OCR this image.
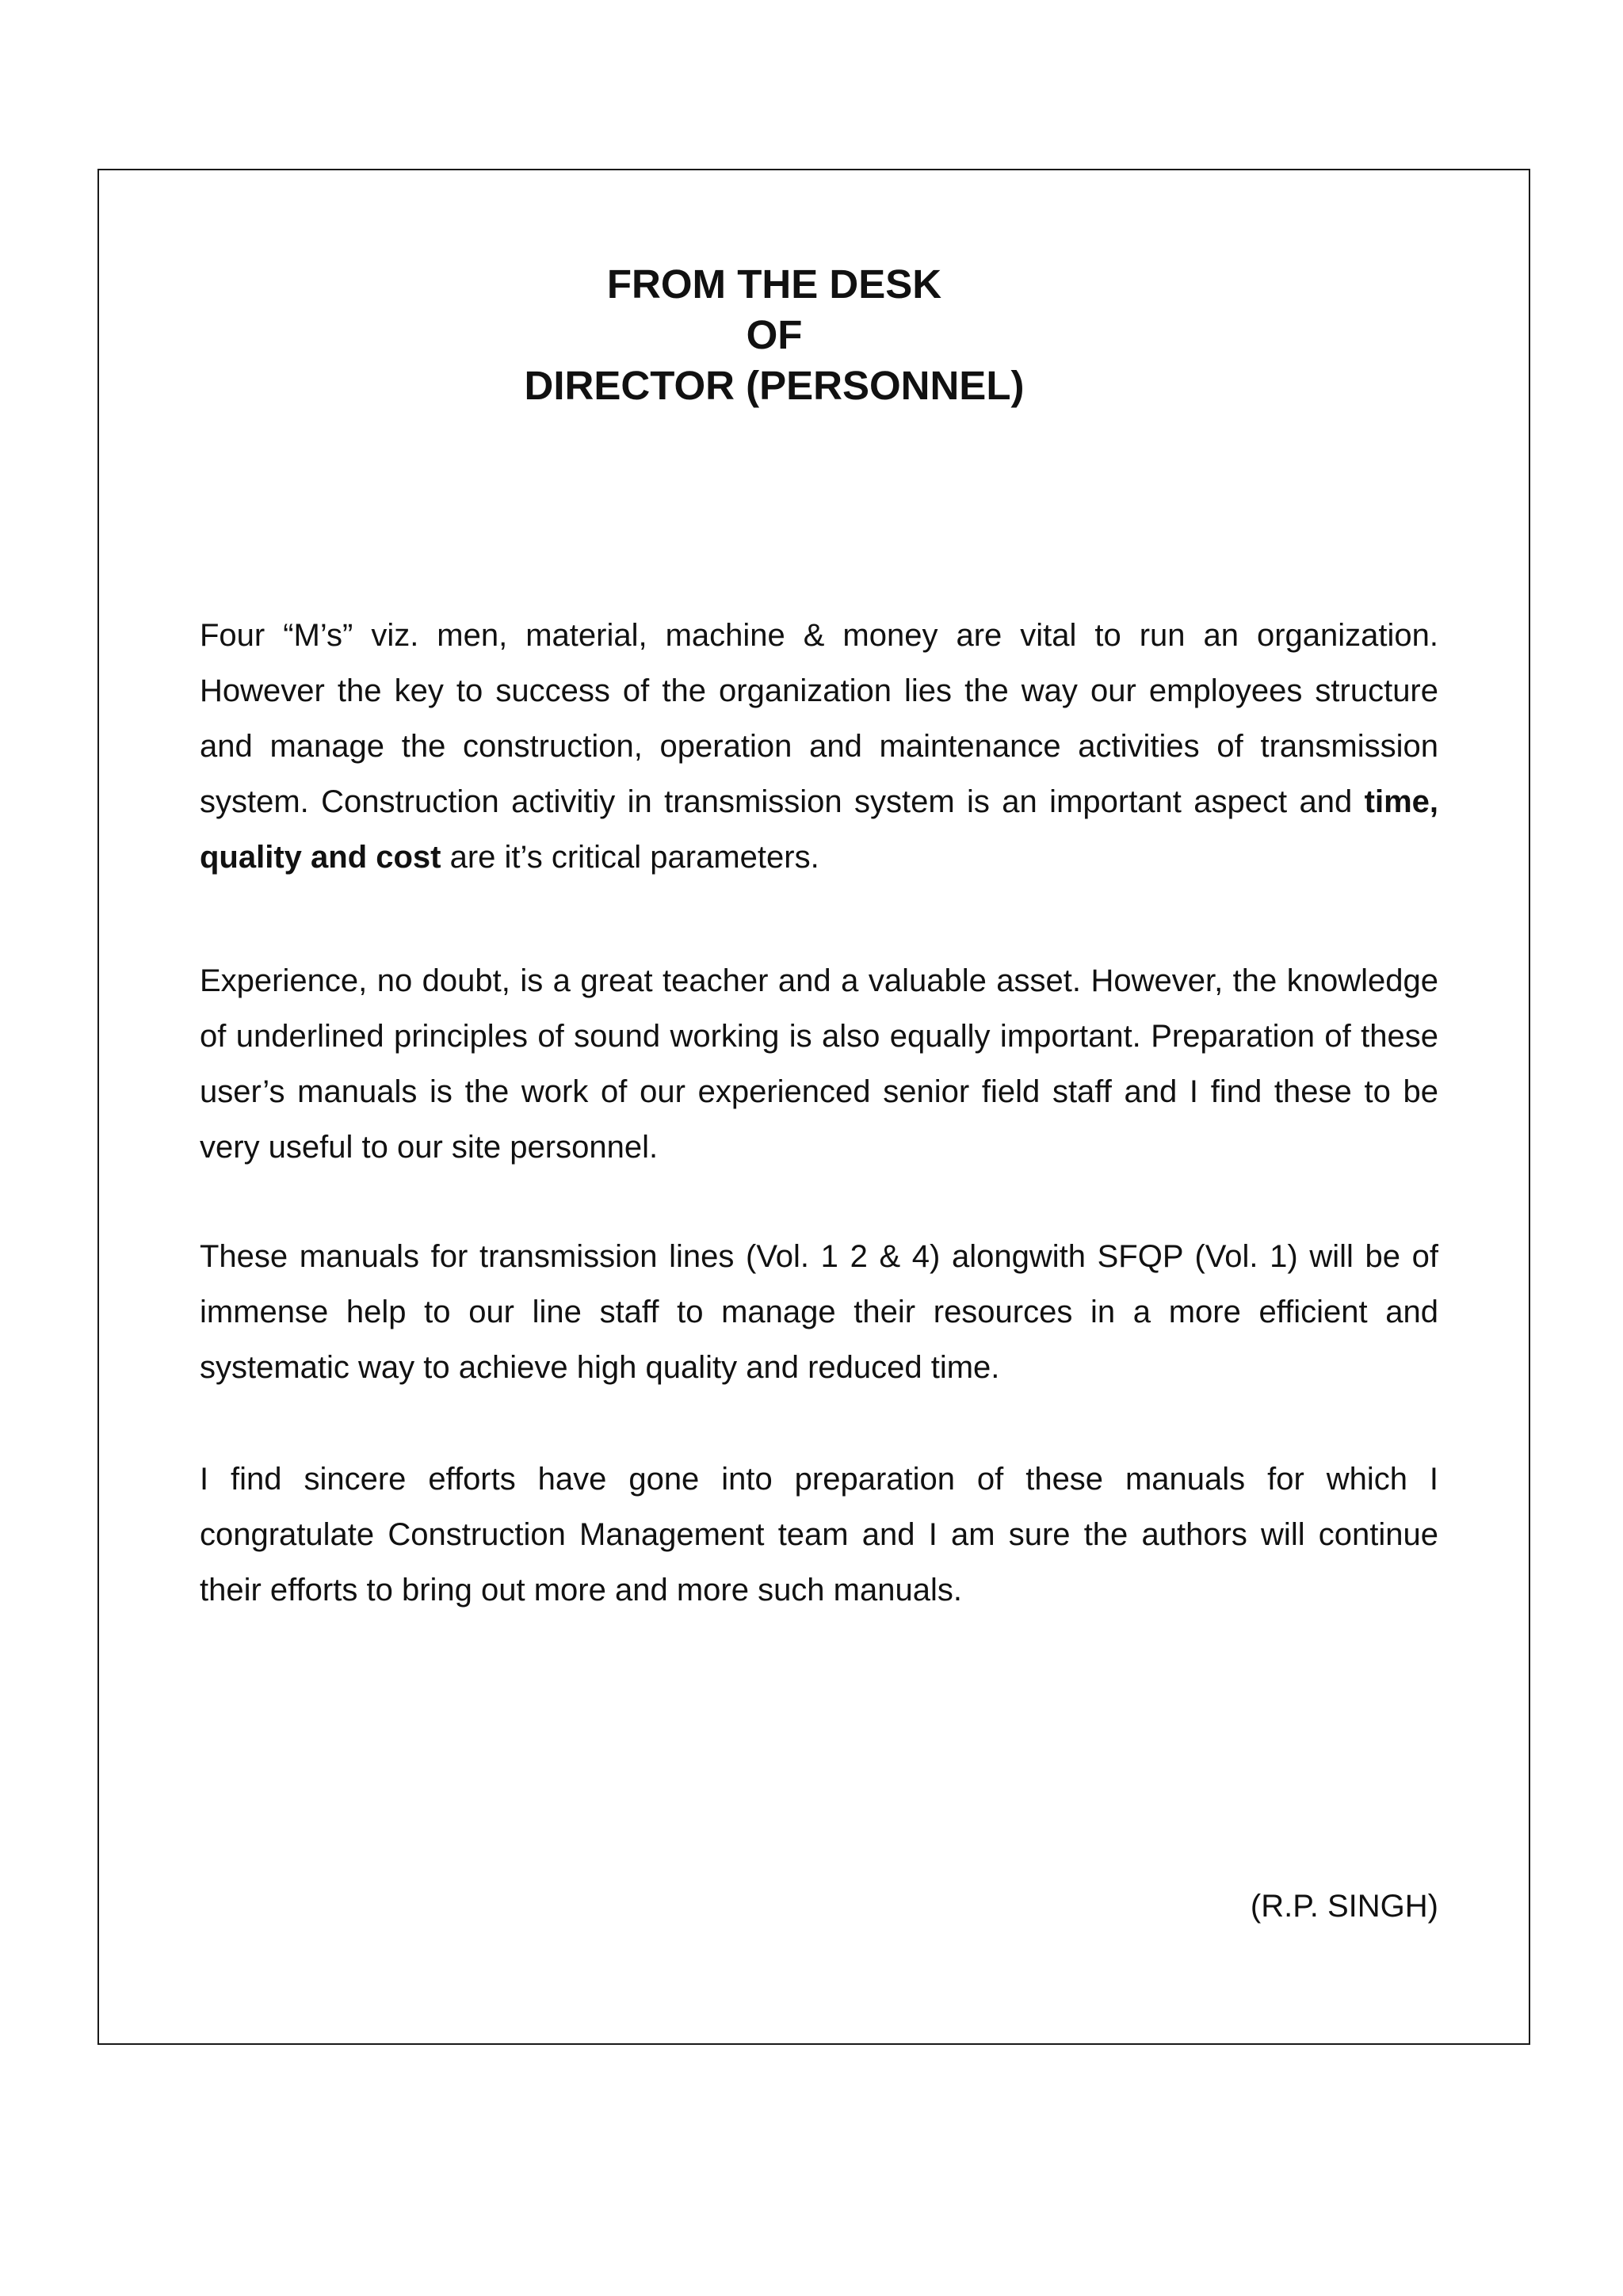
FROM THE DESK
OF
DIRECTOR (PERSONNEL)

Four “M’s” viz. men, material, machine & money are vital to run an organization. However the key to success of the organization lies the way our employees structure and manage the construction, operation and maintenance activities of transmission system. Construction activitiy in transmission system is an important aspect and time, quality and cost are it’s critical parameters.

Experience, no doubt, is a great teacher and a valuable asset. However, the knowledge of underlined principles of sound working is also equally important. Preparation of these user’s manuals is the work of our experienced senior field staff and I find these to be very useful to our site personnel.

These manuals for transmission lines (Vol. 1 2 & 4) alongwith SFQP (Vol. 1) will be of immense help to our line staff to manage their resources in a more efficient and systematic way to achieve high quality and reduced time.

I find sincere efforts have gone into preparation of these manuals for which I congratulate Construction Management team and I am sure the authors will continue their efforts to bring out more and more such manuals.

(R.P. SINGH)
